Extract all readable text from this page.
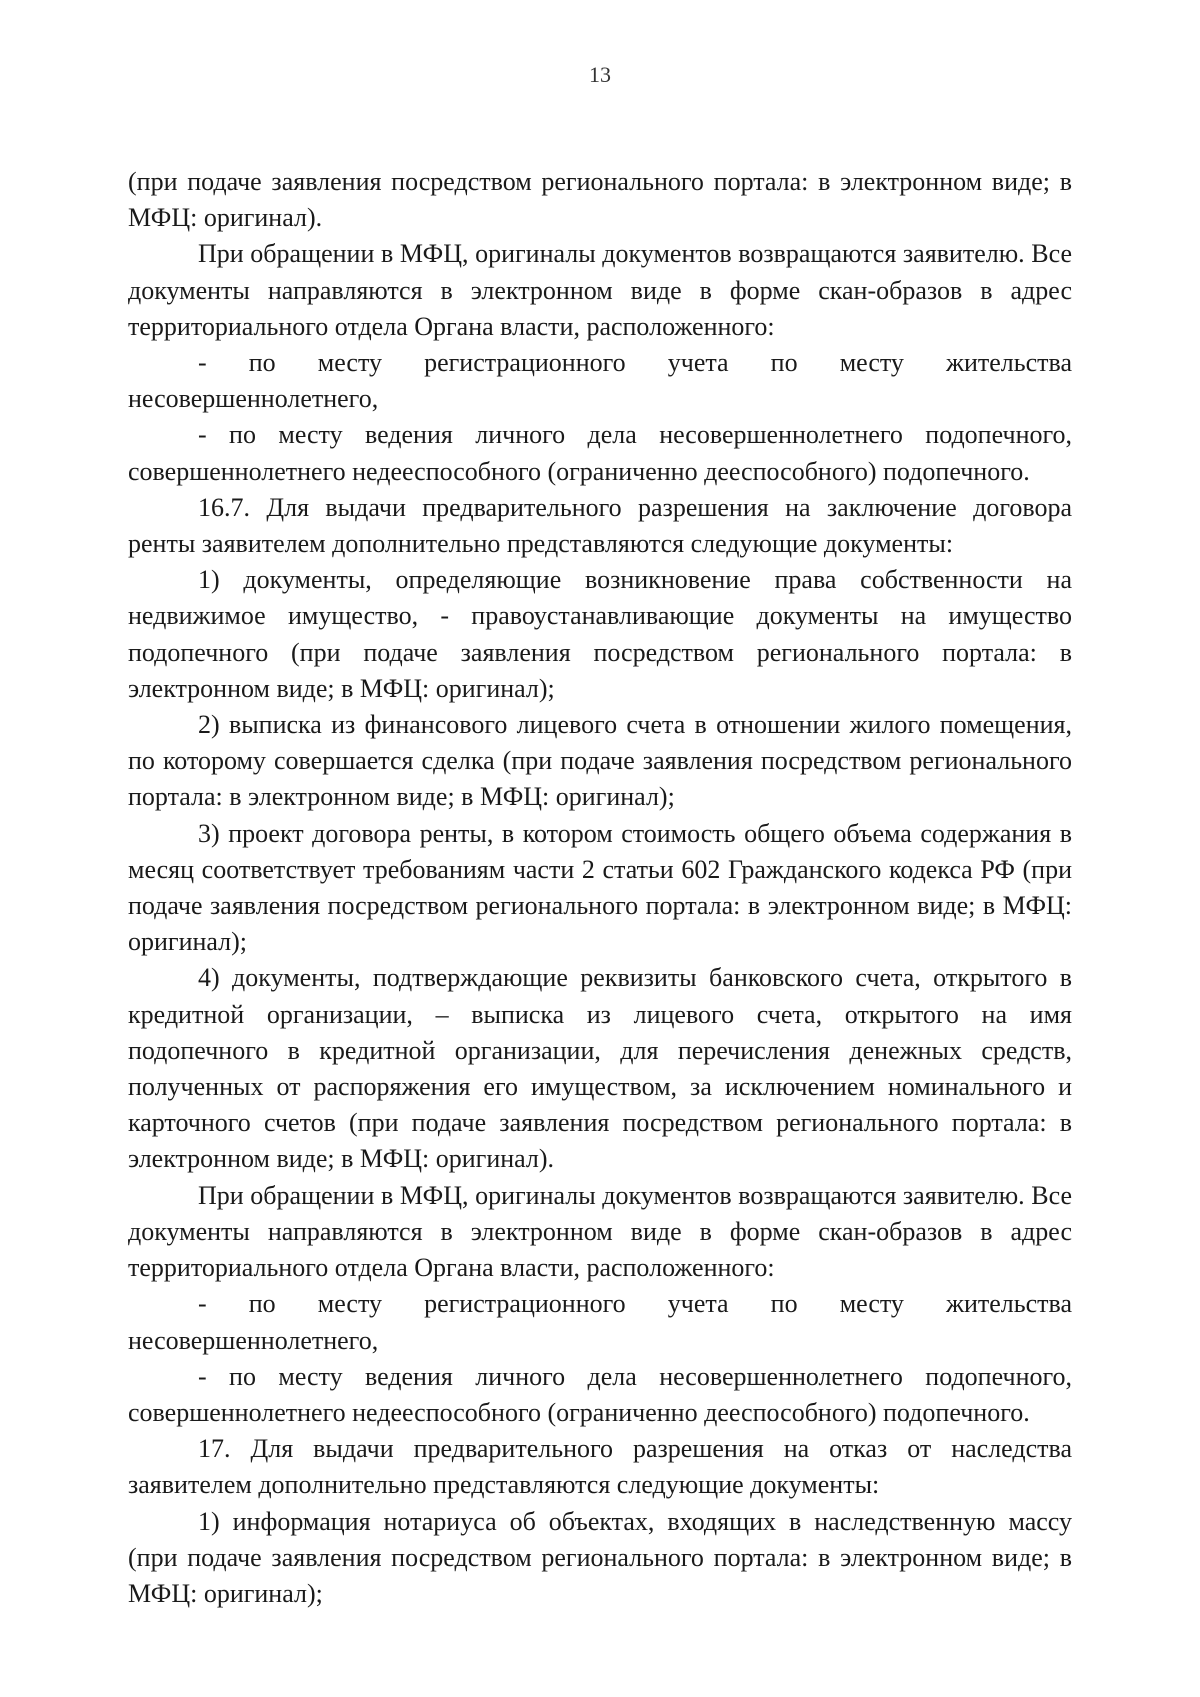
13

(при подаче заявления посредством регионального портала: в электронном виде; в МФЦ: оригинал).

При обращении в МФЦ, оригиналы документов возвращаются заявителю. Все документы направляются в электронном виде в форме скан-образов в адрес территориального отдела Органа власти, расположенного:

- по месту регистрационного учета по месту жительства несовершеннолетнего,

- по месту ведения личного дела несовершеннолетнего подопечного, совершеннолетнего недееспособного (ограниченно дееспособного) подопечного.

16.7. Для выдачи предварительного разрешения на заключение договора ренты заявителем дополнительно представляются следующие документы:

1) документы, определяющие возникновение права собственности на недвижимое имущество, - правоустанавливающие документы на имущество подопечного (при подаче заявления посредством регионального портала: в электронном виде; в МФЦ: оригинал);

2) выписка из финансового лицевого счета в отношении жилого помещения, по которому совершается сделка (при подаче заявления посредством регионального портала: в электронном виде; в МФЦ: оригинал);

3) проект договора ренты, в котором стоимость общего объема содержания в месяц соответствует требованиям части 2 статьи 602 Гражданского кодекса РФ (при подаче заявления посредством регионального портала: в электронном виде; в МФЦ: оригинал);

4) документы, подтверждающие реквизиты банковского счета, открытого в кредитной организации, – выписка из лицевого счета, открытого на имя подопечного в кредитной организации, для перечисления денежных средств, полученных от распоряжения его имуществом, за исключением номинального и карточного счетов (при подаче заявления посредством регионального портала: в электронном виде; в МФЦ: оригинал).

При обращении в МФЦ, оригиналы документов возвращаются заявителю. Все документы направляются в электронном виде в форме скан-образов в адрес территориального отдела Органа власти, расположенного:

- по месту регистрационного учета по месту жительства несовершеннолетнего,

- по месту ведения личного дела несовершеннолетнего подопечного, совершеннолетнего недееспособного (ограниченно дееспособного) подопечного.

17. Для выдачи предварительного разрешения на отказ от наследства заявителем дополнительно представляются следующие документы:

1) информация нотариуса об объектах, входящих в наследственную массу (при подаче заявления посредством регионального портала: в электронном виде; в МФЦ: оригинал);
